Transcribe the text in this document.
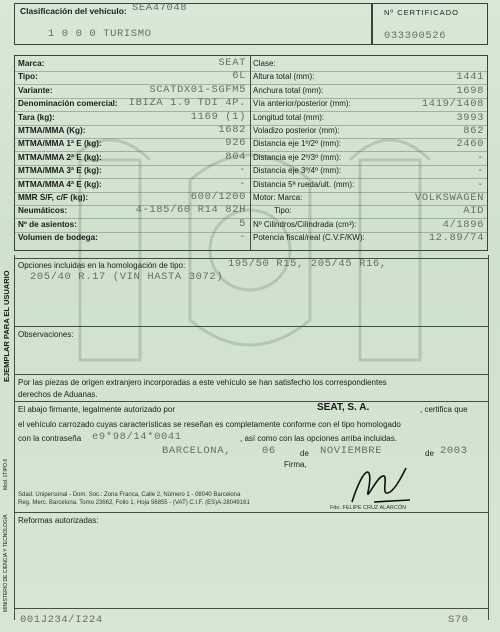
Clasificación del vehículo: SEA47048
1 0 0 0 TURISMO
Nº CERTIFICADO
033300526
Opciones incluidas en la homologación de tipo:	195/50 R15, 205/45 R16,
205/40 R.17 (VIN HASTA 3072)
Observaciones:
EJEMPLAR PARA EL USUARIO
MINISTERIO DE CIENCIA Y TECNOLOGÍA
Mod. 1TIPO 6
Por las piezas de origen extranjero incorporadas a este vehículo se han satisfecho los correspondientes
derechos de Aduanas.
El abajo firmante, legalmente autorizado por	SEAT, S. A.	, certifica que
el vehículo carrozado cuyas características se reseñan es completamente conforme con el tipo homologado
con la contraseña e9*98/14*0041	, así como con las opciones arriba incluidas.
BARCELONA,	06	de NOVIEMBRE	de 2003
Firma,
Sdad. Unipersonal - Dom. Soc.: Zona Franca, Calle 2, Número 1 - 08040 Barcelona
Reg. Merc. Barcelona. Tomo 23662, Folio 1, Hoja 56855 - (VAT) C.I.F. (ES)A-28049161
Fdo. FELIPE CRUZ ALARCÓN
Reformas autorizadas:
001J234/I224	S70
Marca:	SEAT
Tipo:	6L
Variante:	SCATDX01-SGFM5
Denominación comercial: IBIZA 1.9 TDI 4P.
Tara (kg):	1169 (1)
MTMA/MMA (Kg):	1682
MTMA/MMA 1ª E (kg):	926
MTMA/MMA 2ª E (kg):	804
MTMA/MMA 3ª E (kg):	-
MTMA/MMA 4ª E (kg):	-
MMR S/F, c/F (kg):	600/1200
Neumáticos:	4-185/60 R14 82H
Nº de asientos:	5
Volumen de bodega:	-
Clase:
Altura total (mm):	1441
Anchura total (mm):	1698
Vía anterior/posterior (mm):	1419/1408
Longitud total (mm):	3993
Voladizo posterior (mm):	862
Distancia eje 1º/2º (mm):	2460
Distancia eje 2º/3º (mm):	-
Distancia eje 3º/4º (mm):	-
Distancia 5ª rueda/ult. (mm):	-
Motor: Marca:	VOLKSWAGEN
Tipo:	AID
Nº Cilindros/Cilindrada (cm³):	4/1896
Potencia fiscal/real (C.V.F/KW):	12.89/74
